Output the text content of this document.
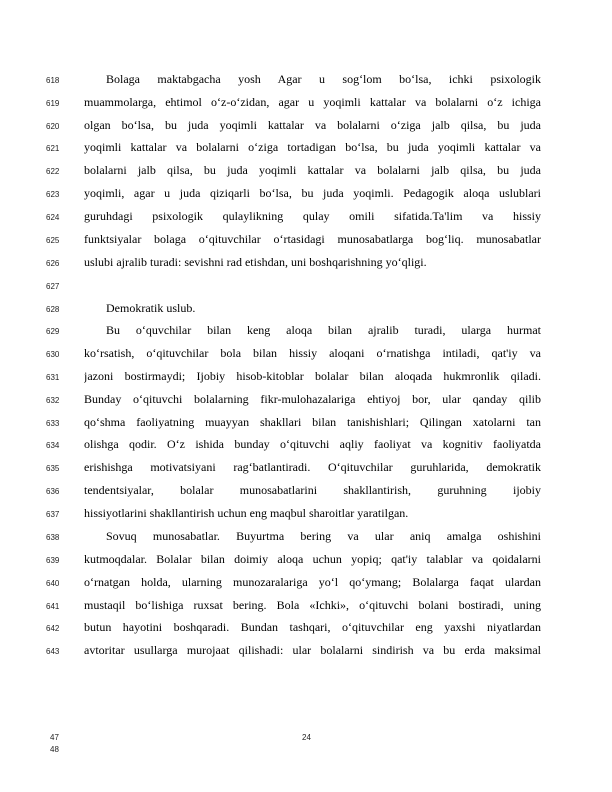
618	Bolaga maktabgacha yosh Agar u sog‘lom bo‘lsa, ichki psixologik
619	muammolarga, ehtimol o‘z-o‘zidan, agar u yoqimli kattalar va bolalarni o‘z ichiga
620	olgan bo‘lsa, bu juda yoqimli kattalar va bolalarni o‘ziga jalb qilsa, bu juda
621	yoqimli kattalar va bolalarni o‘ziga tortadigan bo‘lsa, bu juda yoqimli kattalar va
622	bolalarni jalb qilsa, bu juda yoqimli kattalar va bolalarni jalb qilsa, bu juda
623	yoqimli, agar u juda qiziqarli bo‘lsa, bu juda yoqimli. Pedagogik aloqa uslublari
624	guruhdagi psixologik qulaylikning qulay omili sifatida.Ta'lim va hissiy
625	funktsiyalar bolaga o‘qituvchilar o‘rtasidagi munosabatlarga bog‘liq. munosabatlar
626	uslubi ajralib turadi: sevishni rad etishdan, uni boshqarishning yo‘qligi.
627
628	Demokratik uslub.
629	Bu o‘quvchilar bilan keng aloqa bilan ajralib turadi, ularga hurmat
630	ko‘rsatish, o‘qituvchilar bola bilan hissiy aloqani o‘rnatishga intiladi, qat'iy va
631	jazoni bostirmaydi; Ijobiy hisob-kitoblar bolalar bilan aloqada hukmronlik qiladi.
632	Bunday o‘qituvchi bolalarning fikr-mulohazalariga ehtiyoj bor, ular qanday qilib
633	qo‘shma faoliyatning muayyan shakllari bilan tanishishlari; Qilingan xatolarni tan
634	olishga qodir. O‘z ishida bunday o‘qituvchi aqliy faoliyat va kognitiv faoliyatda
635	erishishga motivatsiyani rag‘batlantiradi. O‘qituvchilar guruhlarida, demokratik
636	tendentsiyalar, bolalar munosabatlarini shakllantirish, guruhning ijobiy
637	hissiyotlarini shakllantirish uchun eng maqbul sharoitlar yaratilgan.
638	Sovuq munosabatlar. Buyurtma bering va ular aniq amalga oshishini
639	kutmoqdalar. Bolalar bilan doimiy aloqa uchun yopiq; qat'iy talablar va qoidalarni
640	o‘rnatgan holda, ularning munozaralariga yo‘l qo‘ymang; Bolalarga faqat ulardan
641	mustaqil bo‘lishiga ruxsat bering. Bola «Ichki», o‘qituvchi bolani bostiradi, uning
642	butun hayotini boshqaradi. Bundan tashqari, o‘qituvchilar eng yaxshi niyatlardan
643	avtoritar usullarga murojaat qilishadi: ular bolalarni sindirish va bu erda maksimal
47
48
24
